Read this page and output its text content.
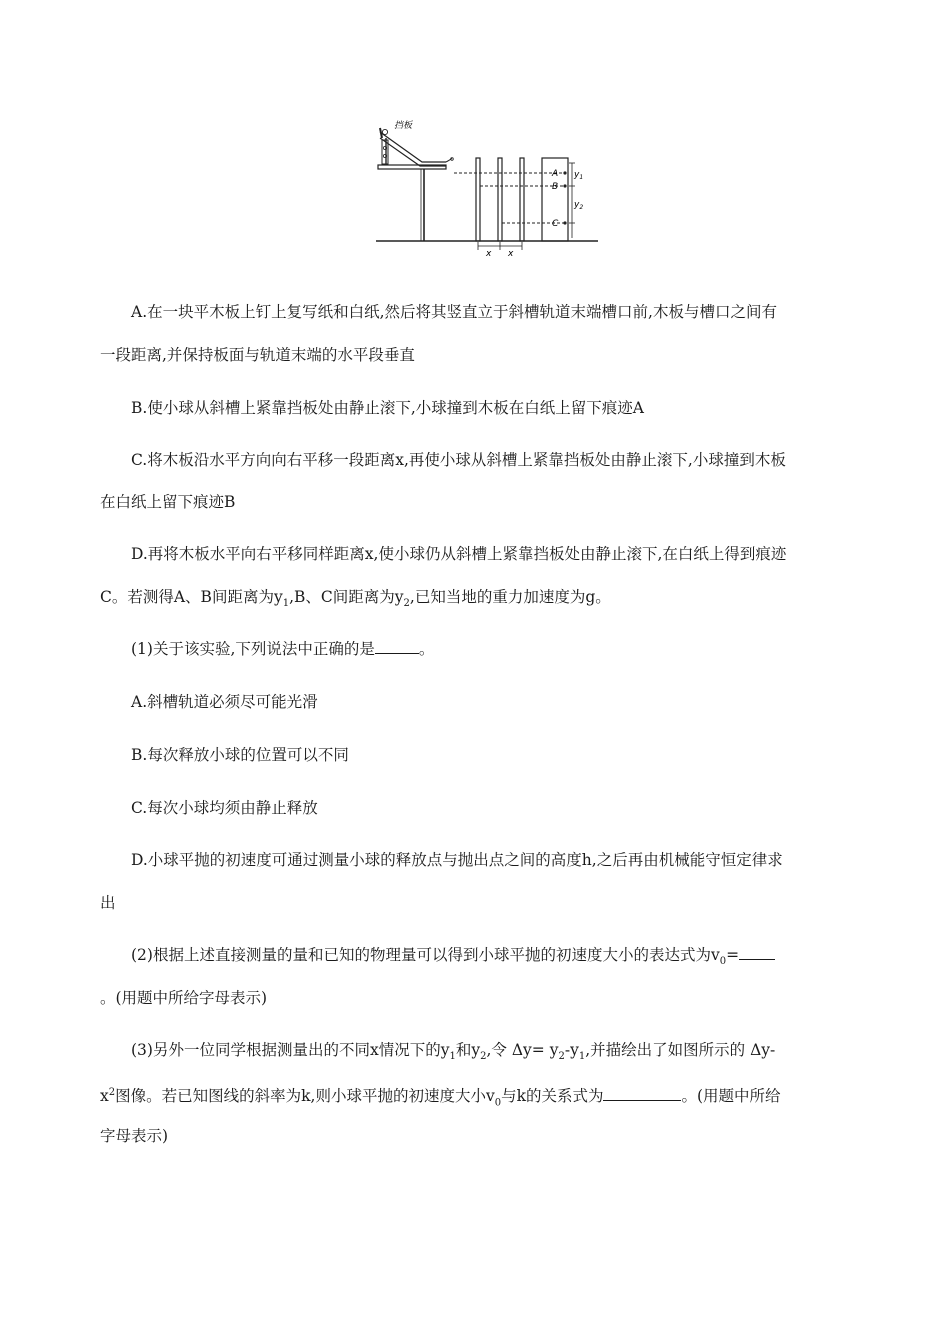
挡板
A
B
C
$y_1$
$y_2$
x x
A.在一块平木板上钉上复写纸和白纸,然后将其竖直立于斜槽轨道末端槽口前,木板与槽口之间有
一段距离,并保持板面与轨道末端的水平段垂直
B.使小球从斜槽上紧靠挡板处由静止滚下,小球撞到木板在白纸上留下痕迹A
C.将木板沿水平方向向右平移一段距离x,再使小球从斜槽上紧靠挡板处由静止滚下,小球撞到木板
在白纸上留下痕迹B
D.再将木板水平向右平移同样距离x,使小球仍从斜槽上紧靠挡板处由静止滚下,在白纸上得到痕迹
C。若测得A、B间距离为$y_1,B$、C间距离为$y_2$,已知当地的重力加速度为g。
(1)关于该实验,下列说法中正确的是	。
A.斜槽轨道必须尽可能光滑
B.每次释放小球的位置可以不同
C.每次小球均须由静止释放
D.小球平抛的初速度可通过测量小球的释放点与抛出点之间的高度h,之后再由机械能守恒定律求
出
(2)根据上述直接测量的量和已知的物理量可以得到小球平抛的初速度大小的表达式为$v_0=$
。(用题中所给字母表示)
(3)另外一位同学根据测量出的不同x情况下的$y_1$和$y_2$,令 $\Delta y= y_2-y_1$,并描绘出了如图所示的 Δy-
$x^2$图像。若已知图线的斜率为k,则小球平抛的初速度大小$v_0$与k的关系式为	。(用题中所给
字母表示)
